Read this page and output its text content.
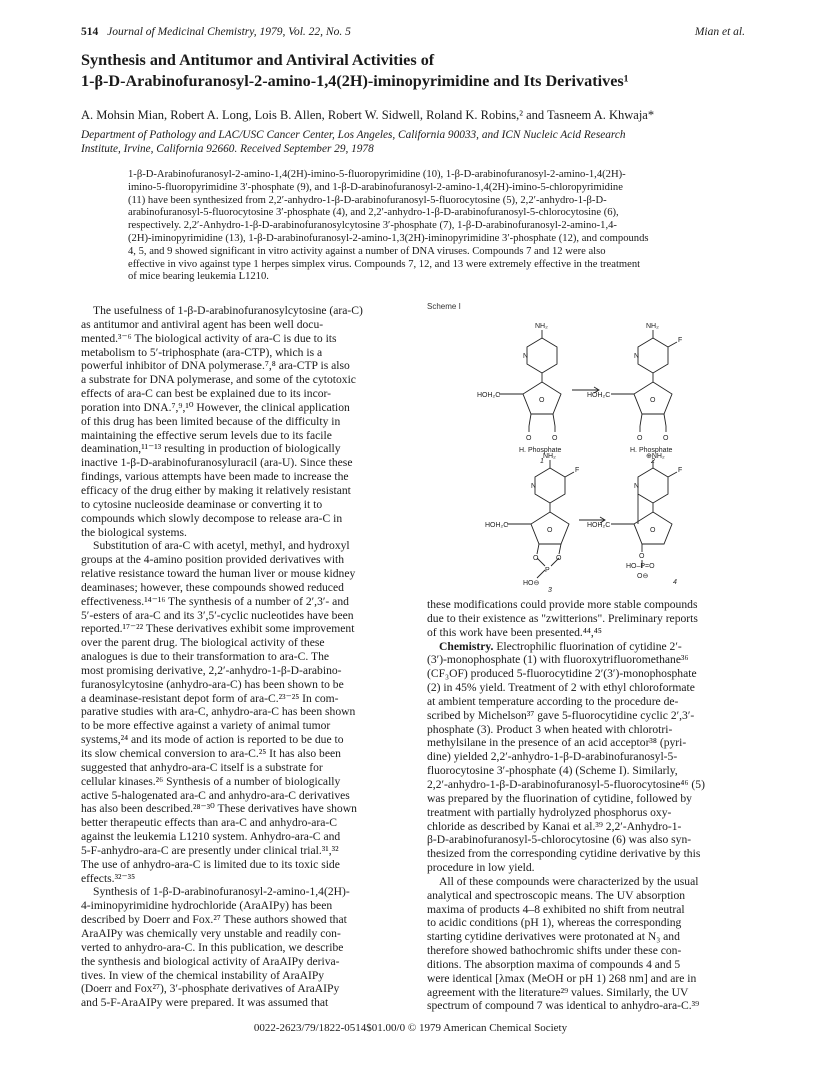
514 Journal of Medicinal Chemistry, 1979, Vol. 22, No. 5	Mian et al.
Synthesis and Antitumor and Antiviral Activities of
1-β-D-Arabinofuranosyl-2-amino-1,4(2H)-iminopyrimidine and Its Derivatives¹
A. Mohsin Mian, Robert A. Long, Lois B. Allen, Robert W. Sidwell, Roland K. Robins,² and Tasneem A. Khwaja*
Department of Pathology and LAC/USC Cancer Center, Los Angeles, California 90033, and ICN Nucleic Acid Research
Institute, Irvine, California 92660. Received September 29, 1978
1-β-D-Arabinofuranosyl-2-amino-1,4(2H)-imino-5-fluoropyrimidine (10), 1-β-D-arabinofuranosyl-2-amino-1,4(2H)-
imino-5-fluoropyrimidine 3′-phosphate (9), and 1-β-D-arabinofuranosyl-2-amino-1,4(2H)-imino-5-chloropyrimidine
(11) have been synthesized from 2,2′-anhydro-1-β-D-arabinofuranosyl-5-fluorocytosine (5), 2,2′-anhydro-1-β-D-
arabinofuranosyl-5-fluorocytosine 3′-phosphate (4), and 2,2′-anhydro-1-β-D-arabinofuranosyl-5-chlorocytosine (6),
respectively. 2,2′-Anhydro-1-β-D-arabinofuranosylcytosine 3′-phosphate (7), 1-β-D-arabinofuranosyl-2-amino-1,4-
(2H)-iminopyrimidine (13), 1-β-D-arabinofuranosyl-2-amino-1,3(2H)-iminopyrimidine 3′-phosphate (12), and compounds
4, 5, and 9 showed significant in vitro activity against a number of DNA viruses. Compounds 7 and 12 were also
effective in vivo against type 1 herpes simplex virus. Compounds 7, 12, and 13 were extremely effective in the treatment
of mice bearing leukemia L1210.
The usefulness of 1-β-D-arabinofuranosylcytosine (ara-C)
as antitumor and antiviral agent has been well docu-
mented.³⁻⁶ The biological activity of ara-C is due to its
metabolism to 5′-triphosphate (ara-CTP), which is a
powerful inhibitor of DNA polymerase.⁷,⁸ ara-CTP is also
a substrate for DNA polymerase, and some of the cytotoxic
effects of ara-C can best be explained due to its incor-
poration into DNA.⁷,⁹,¹⁰ However, the clinical application
of this drug has been limited because of the difficulty in
maintaining the effective serum levels due to its facile
deamination,¹¹⁻¹³ resulting in production of biologically
inactive 1-β-D-arabinofuranosyluracil (ara-U). Since these
findings, various attempts have been made to increase the
efficacy of the drug either by making it relatively resistant
to cytosine nucleoside deaminase or converting it to
compounds which slowly decompose to release ara-C in
the biological systems.
Substitution of ara-C with acetyl, methyl, and hydroxyl
groups at the 4-amino position provided derivatives with
relative resistance toward the human liver or mouse kidney
deaminases; however, these compounds showed reduced
effectiveness.¹⁴⁻¹⁶ The synthesis of a number of 2′,3′- and
5′-esters of ara-C and its 3′,5′-cyclic nucleotides have been
reported.¹⁷⁻²² These derivatives exhibit some improvement
over the parent drug. The biological activity of these
analogues is due to their transformation to ara-C. The
most promising derivative, 2,2′-anhydro-1-β-D-arabino-
furanosylcytosine (anhydro-ara-C) has been shown to be
a deaminase-resistant depot form of ara-C.²³⁻²⁵ In com-
parative studies with ara-C, anhydro-ara-C has been shown
to be more effective against a variety of animal tumor
systems,²⁴ and its mode of action is reported to be due to
its slow chemical conversion to ara-C.²⁵ It has also been
suggested that anhydro-ara-C itself is a substrate for
cellular kinases.²⁶ Synthesis of a number of biologically
active 5-halogenated ara-C and anhydro-ara-C derivatives
has also been described.²⁸⁻³⁰ These derivatives have shown
better therapeutic effects than ara-C and anhydro-ara-C
against the leukemia L1210 system. Anhydro-ara-C and
5-F-anhydro-ara-C are presently under clinical trial.³¹,³²
The use of anhydro-ara-C is limited due to its toxic side
effects.³²⁻³⁵
Synthesis of 1-β-D-arabinofuranosyl-2-amino-1,4(2H)-
4-iminopyrimidine hydrochloride (AraAIPy) has been
described by Doerr and Fox.²⁷ These authors showed that
AraAIPy was chemically very unstable and readily con-
verted to anhydro-ara-C. In this publication, we describe
the synthesis and biological activity of AraAIPy deriva-
tives. In view of the chemical instability of AraAIPy
(Doerr and Fox²⁷), 3′-phosphate derivatives of AraAIPy
and 5-F-AraAIPy were prepared. It was assumed that
Scheme I
NH₂
N
O
HOH₂C
O	O
H. Phosphate
1
NH₂
F
N
O
HOH₂C
O	O
H. Phosphate
2
NH₂
F
N
O
HOH₂C
O	O
P
HO⊖
3
⊕NH₂
F
N
O
HOH₂C
O
HO–P=O
O⊖
4
these modifications could provide more stable compounds
due to their existence as "zwitterions". Preliminary reports
of this work have been presented.⁴⁴,⁴⁵
Chemistry. Electrophilic fluorination of cytidine 2′-
(3′)-monophosphate (1) with fluoroxytrifluoromethane³⁶
(CF₃OF) produced 5-fluorocytidine 2′(3′)-monophosphate
(2) in 45% yield. Treatment of 2 with ethyl chloroformate
at ambient temperature according to the procedure de-
scribed by Michelson³⁷ gave 5-fluorocytidine cyclic 2′,3′-
phosphate (3). Product 3 when heated with chlorotri-
methylsilane in the presence of an acid acceptor³⁸ (pyri-
dine) yielded 2,2′-anhydro-1-β-D-arabinofuranosyl-5-
fluorocytosine 3′-phosphate (4) (Scheme I). Similarly,
2,2′-anhydro-1-β-D-arabinofuranosyl-5-fluorocytosine⁴⁶ (5)
was prepared by the fluorination of cytidine, followed by
treatment with partially hydrolyzed phosphorus oxy-
chloride as described by Kanai et al.³⁹ 2,2′-Anhydro-1-
β-D-arabinofuranosyl-5-chlorocytosine (6) was also syn-
thesized from the corresponding cytidine derivative by this
procedure in low yield.
All of these compounds were characterized by the usual
analytical and spectroscopic means. The UV absorption
maxima of products 4–8 exhibited no shift from neutral
to acidic conditions (pH 1), whereas the corresponding
starting cytidine derivatives were protonated at N₃ and
therefore showed bathochromic shifts under these con-
ditions. The absorption maxima of compounds 4 and 5
were identical [λmax (MeOH or pH 1) 268 nm] and are in
agreement with the literature²⁹ values. Similarly, the UV
spectrum of compound 7 was identical to anhydro-ara-C.³⁹
0022-2623/79/1822-0514$01.00/0 © 1979 American Chemical Society
